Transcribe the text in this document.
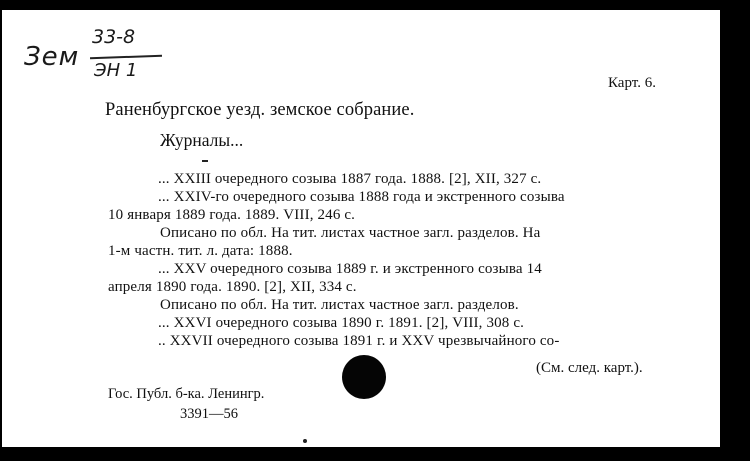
Зем
33-8
ЭН 1
Карт. 6.
Раненбургское уезд. земское собрание.
Журналы...
... XXIII очередного созыва 1887 года. 1888. [2], XII, 327 с.
... XXIV-го очередного созыва 1888 года и экстренного созыва
10 января 1889 года. 1889. VIII, 246 с.
Описано по обл. На тит. листах частное загл. разделов. На
1-м частн. тит. л. дата: 1888.
... XXV очередного созыва 1889 г. и экстренного созыва 14
апреля 1890 года. 1890. [2], XII, 334 с.
Описано по обл. На тит. листах частное загл. разделов.
... XXVI очередного созыва 1890 г. 1891. [2], VIII, 308 с.
.. XXVII очередного созыва 1891 г. и XXV чрезвычайного со-
(См. след. карт.).
Гос. Публ. б-ка. Ленингр.
3391—56
